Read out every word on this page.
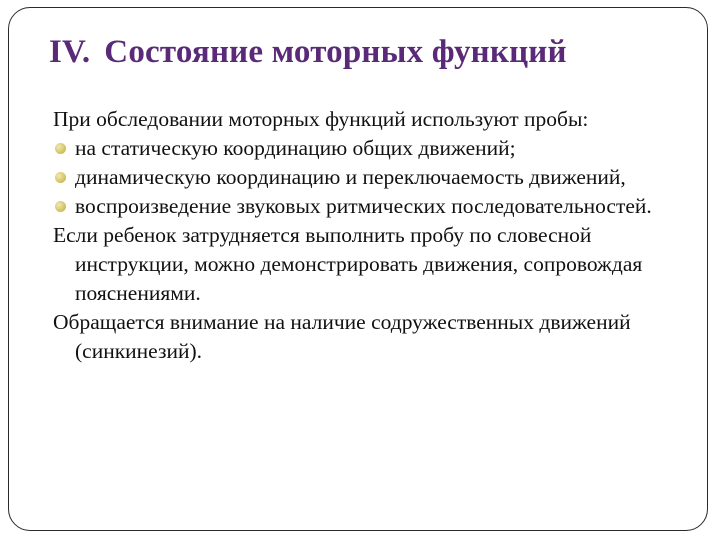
IV. Состояние моторных функций

При обследовании моторных функций используют пробы:

на статическую координацию общих движений;
динамическую координацию и переключаемость движений,
воспроизведение звуковых ритмических последовательностей.

Если ребенок затрудняется выполнить пробу по словесной инструкции, можно демонстрировать движения, сопровождая пояснениями.

Обращается внимание на наличие содружественных движений (синкинезий).
